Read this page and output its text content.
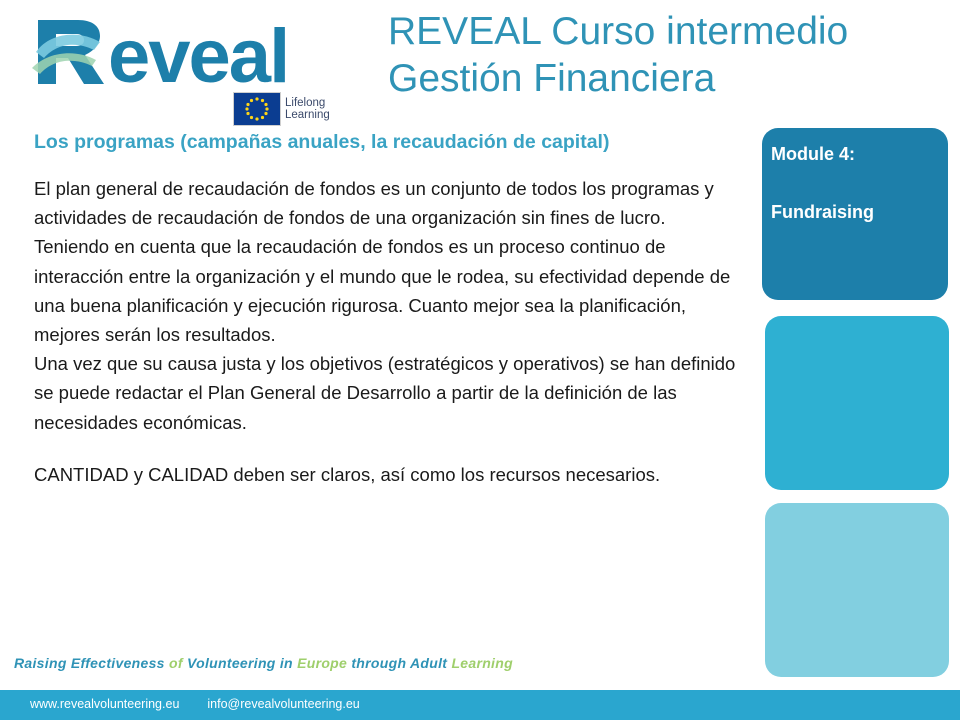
eveal
Lifelong
Learning
REVEAL Curso intermedio
Gestión Financiera

Los programas (campañas anuales, la recaudación de capital)

El plan general de recaudación de fondos es un conjunto de todos los programas y actividades de recaudación de fondos de una organización sin fines de lucro. Teniendo en cuenta que la recaudación de fondos es un proceso continuo de interacción entre la organización y el mundo que le rodea, su efectividad depende de una buena planificación y ejecución rigurosa. Cuanto mejor sea la planificación, mejores serán los resultados.

Una vez que su causa justa y los objetivos (estratégicos y operativos) se han definido se puede redactar el Plan General de Desarrollo a partir de la definición de las necesidades económicas.

CANTIDAD y CALIDAD deben ser claros, así como los recursos necesarios.

Module 4:
Fundraising
Raising Effectiveness of Volunteering in Europe through Adult Learning
www.revealvolunteering.eu info@revealvolunteering.eu
